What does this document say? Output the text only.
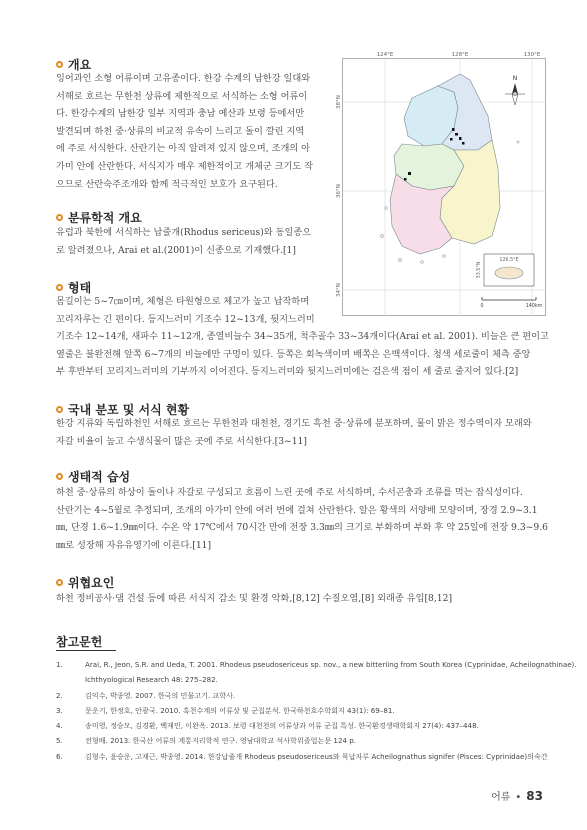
개요

잉어과인 소형 어류이며 고유종이다. 한강 수계의 남한강 일대와

서해로 흐르는 무한천 상류에 제한적으로 서식하는 소형 어류이

다. 한강수계의 남한강 일부 지역과 충남 예산과 보령 등에서만

발견되며 하천 중·상류의 비교적 유속이 느리고 돌이 깔린 지역

에 주로 서식한다. 산란기는 아직 알려져 있지 않으며, 조개의 아

가미 안에 산란한다. 서식지가 매우 제한적이고 개체군 크기도 작

으므로 산란숙주조개와 함께 적극적인 보호가 요구된다.

분류학적 개요

유럽과 북한에 서식하는 납줄개(Rhodus sericeus)와 동일종으

로 알려졌으나, Arai et al.(2001)이 신종으로 기재했다.[1]

형태

몸길이는 5~7㎝이며, 체형은 타원형으로 체고가 높고 납작하며

꼬리자루는 긴 편이다. 등지느러미 기조수 12~13개, 뒷지느러미

기조수 12~14개, 새파수 11~12개, 종열비늘수 34~35개, 척추골수 33~34개이다(Arai et al. 2001). 비늘은 큰 편이고

옆줄은 불완전해 앞쪽 6~7개의 비늘에만 구멍이 있다. 등쪽은 회녹색이며 배쪽은 은백색이다. 청색 세로줄이 체측 중앙

부 후반부터 꼬리지느러미의 기부까지 이어진다. 등지느러미와 뒷지느러미에는 검은색 점이 세 줄로 줄지어 있다.[2]

국내 분포 및 서식 현황

한강 지류와 독립하천인 서해로 흐르는 무한천과 대천천, 경기도 흑천 중·상류에 분포하며, 물이 맑은 정수역이자 모래와

자갈 비율이 높고 수생식물이 많은 곳에 주로 서식한다.[3~11]

생태적 습성

하천 중·상류의 하상이 돌이나 자갈로 구성되고 흐름이 느린 곳에 주로 서식하며, 수서곤충과 조류를 먹는 잡식성이다.

산란기는 4~5월로 추정되며, 조개의 아가미 안에 여러 번에 걸쳐 산란한다. 알은 황색의 서양배 모양이며, 장경 2.9~3.1

㎜, 단경 1.6~1.9㎜이다. 수온 약 17℃에서 70시간 만에 전장 3.3㎜의 크기로 부화하며 부화 후 약 25일에 전장 9.3~9.6

㎜로 성장해 자유유영기에 이른다.[11]

위협요인

하천 정비공사·댐 건설 등에 따른 서식지 감소 및 환경 악화,[8,12] 수질오염,[8] 외래종 유입[8,12]

참고문헌
1.	Arai, R., Jeon, S.R. and Ueda, T. 2001. Rhodeus pseudosericeus sp. nov., a new bitterling from South Korea (Cyprinidae, Acheilognathinae).
Ichthyological Research 48: 275–282.
2.	김익수, 박종영. 2007. 한국의 민물고기. 교학사.
3.	문운기, 한정호, 안광국. 2010. 흑천수계의 어류상 및 군집분석. 한국하천호수학회지 43(1): 69–81.
4.	송미영, 정승모, 김경환, 백재민, 이완옥. 2013. 보령 대천천의 어류상과 어류 군집 특성. 한국환경생태학회지 27(4): 437–448.
5.	전형배. 2013. 한국산 어류의 계통지리학적 연구. 영남대학교 석사학위졸업논문 124 p.
6.	김형수, 윤승운, 고재근, 박종영. 2014. 한강납줄개 Rhodeus pseudosericeus와 묵납자루 Acheilognathus signifer (Pisces: Cyprinidae)의숙간
어류 • 83
124°E	128°E	130°E
38°N
36°N
34°N
N
126.5°E
33.5°N
0	140km
